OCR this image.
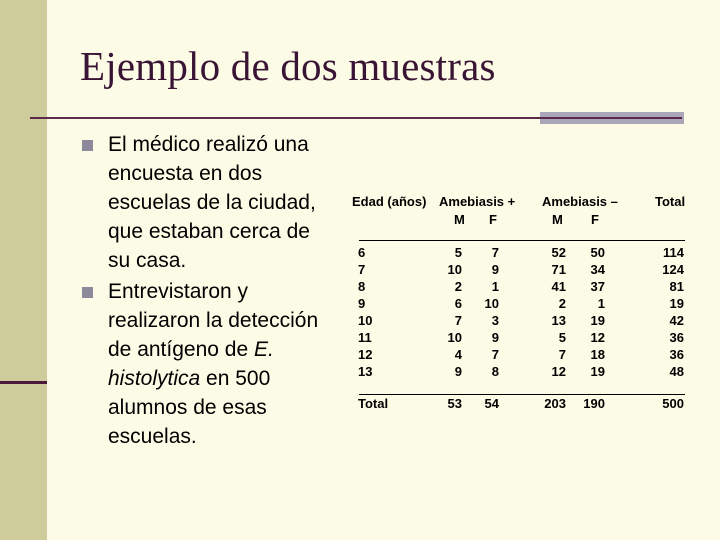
Ejemplo de dos muestras
El médico realizó una encuesta en dos escuelas de la ciudad, que estaban cerca de su casa.
Entrevistaron y realizaron la detección de antígeno de E. histolytica en 500 alumnos de esas escuelas.
Edad (años) Amebiasis + Amebiasis –	Total
M F	M F
6	5 7	52 50	114
7	10 9	71 34	124
8	2 1	41 37	81
9	6 10	2 1	19
10	7 3	13 19	42
11	10 9	5 12	36
12	4 7	7 18	36
13	9 8	12 19	48
Total	53 54	203 190	500
